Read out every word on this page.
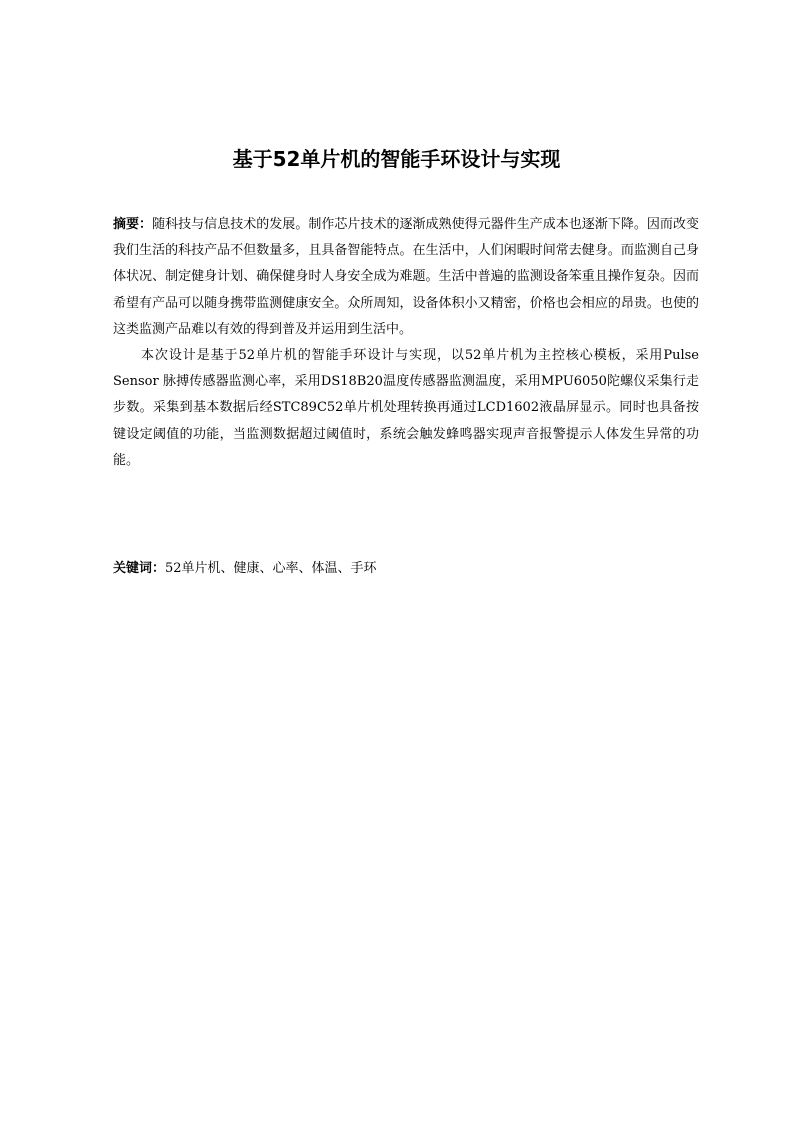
基于52单片机的智能手环设计与实现

摘要：随科技与信息技术的发展。制作芯片技术的逐渐成熟使得元器件生产成本也逐渐下降。因而改变我们生活的科技产品不但数量多，且具备智能特点。在生活中，人们闲暇时间常去健身。而监测自己身体状况、制定健身计划、确保健身时人身安全成为难题。生活中普遍的监测设备笨重且操作复杂。因而希望有产品可以随身携带监测健康安全。众所周知，设备体积小又精密，价格也会相应的昂贵。也使的这类监测产品难以有效的得到普及并运用到生活中。

本次设计是基于52单片机的智能手环设计与实现，以52单片机为主控核心模板，采用Pulse Sensor 脉搏传感器监测心率，采用DS18B20温度传感器监测温度，采用MPU6050陀螺仪采集行走步数。采集到基本数据后经STC89C52单片机处理转换再通过LCD1602液晶屏显示。同时也具备按键设定阈值的功能，当监测数据超过阈值时，系统会触发蜂鸣器实现声音报警提示人体发生异常的功能。

关键词：52单片机、健康、心率、体温、手环
